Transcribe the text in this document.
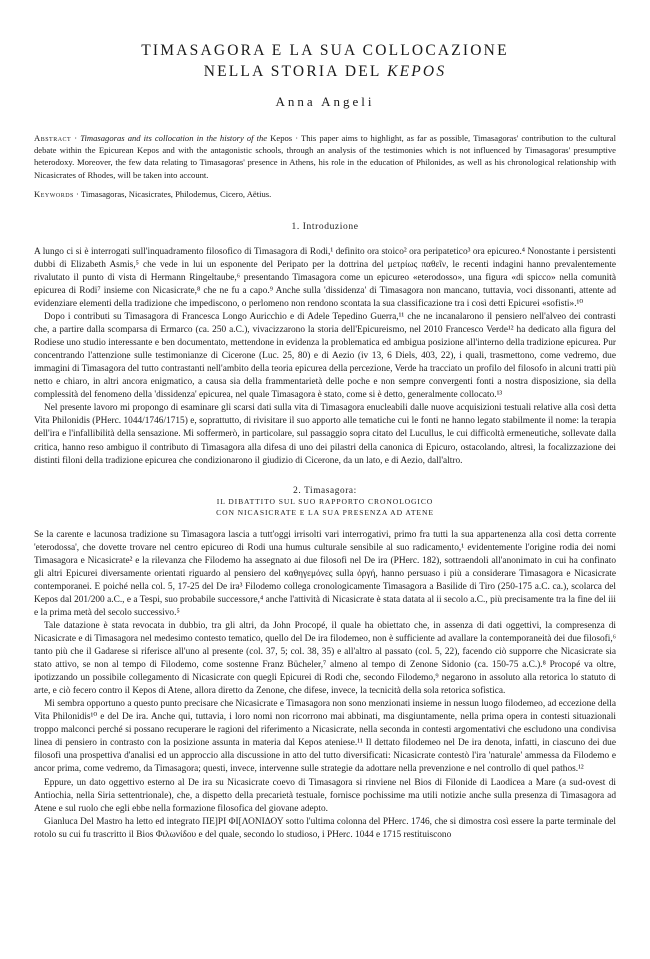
TIMASAGORA E LA SUA COLLOCAZIONE
NELLA STORIA DEL KEPOS
Anna Angeli
Abstract · Timasagoras and its collocation in the history of the Kepos · This paper aims to highlight, as far as possible, Timasagoras' contribution to the cultural debate within the Epicurean Kepos and with the antagonistic schools, through an analysis of the testimonies which is not influenced by Timasagoras' presumptive heterodoxy. Moreover, the few data relating to Timasagoras' presence in Athens, his role in the education of Philonides, as well as his chronological relationship with Nicasicrates of Rhodes, will be taken into account.
Keywords · Timasagoras, Nicasicrates, Philodemus, Cicero, Aëtius.
1. Introduzione

A lungo ci si è interrogati sull'inquadramento filosofico di Timasagora di Rodi,¹ definito ora stoico² ora peripatetico³ ora epicureo.⁴ Nonostante i persistenti dubbi di Elizabeth Asmis,⁵ che vede in lui un esponente del Peripato per la dottrina del μετρίως παθεῖν, le recenti indagini hanno prevalentemente rivalutato il punto di vista di Hermann Ringeltaube,⁶ presentando Timasagora come un epicureo «eterodosso», una figura «di spicco» nella comunità epicurea di Rodi⁷ insieme con Nicasicrate,⁸ che ne fu a capo.⁹ Anche sulla 'dissidenza' di Timasagora non mancano, tuttavia, voci dissonanti, attente ad evidenziare elementi della tradizione che impediscono, o perlomeno non rendono scontata la sua classificazione tra i così detti Epicurei «sofisti».¹⁰

Dopo i contributi su Timasagora di Francesca Longo Auricchio e di Adele Tepedino Guerra,¹¹ che ne incanalarono il pensiero nell'alveo dei contrasti che, a partire dalla scomparsa di Ermarco (ca. 250 a.C.), vivacizzarono la storia dell'Epicureismo, nel 2010 Francesco Verde¹² ha dedicato alla figura del Rodiese uno studio interessante e ben documentato, mettendone in evidenza la problematica ed ambigua posizione all'interno della tradizione epicurea. Pur concentrando l'attenzione sulle testimonianze di Cicerone (Luc. 25, 80) e di Aezio (iv 13, 6 Diels, 403, 22), i quali, trasmettono, come vedremo, due immagini di Timasagora del tutto contrastanti nell'ambito della teoria epicurea della percezione, Verde ha tracciato un profilo del filosofo in alcuni tratti più netto e chiaro, in altri ancora enigmatico, a causa sia della frammentarietà delle poche e non sempre convergenti fonti a nostra disposizione, sia della complessità del fenomeno della 'dissidenza' epicurea, nel quale Timasagora è stato, come si è detto, generalmente collocato.¹³

Nel presente lavoro mi propongo di esaminare gli scarsi dati sulla vita di Timasagora enucleabili dalle nuove acquisizioni testuali relative alla così detta Vita Philonidis (PHerc. 1044/1746/1715) e, soprattutto, di rivisitare il suo apporto alle tematiche cui le fonti ne hanno legato stabilmente il nome: la terapia dell'ira e l'infallibilità della sensazione. Mi soffermerò, in particolare, sul passaggio sopra citato del Lucullus, le cui difficoltà ermeneutiche, sollevate dalla critica, hanno reso ambiguo il contributo di Timasagora alla difesa di uno dei pilastri della canonica di Epicuro, ostacolando, altresì, la focalizzazione dei distinti filoni della tradizione epicurea che condizionarono il giudizio di Cicerone, da un lato, e di Aezio, dall'altro.

2. Timasagora:
IL DIBATTITO SUL SUO RAPPORTO CRONOLOGICO
CON NICASICRATE E LA SUA PRESENZA AD ATENE

Se la carente e lacunosa tradizione su Timasagora lascia a tutt'oggi irrisolti vari interrogativi, primo fra tutti la sua appartenenza alla così detta corrente 'eterodossa', che dovette trovare nel centro epicureo di Rodi una humus culturale sensibile al suo radicamento,¹ evidentemente l'origine rodia dei nomi Timasagora e Nicasicrate² e la rilevanza che Filodemo ha assegnato ai due filosofi nel De ira (PHerc. 182), sottraendoli all'anonimato in cui ha confinato gli altri Epicurei diversamente orientati riguardo al pensiero del καθηγεμόνες sulla ὀργή, hanno persuaso i più a considerare Timasagora e Nicasicrate contemporanei. E poiché nella col. 5, 17-25 del De ira³ Filodemo collega cronologicamente Timasagora a Basilide di Tiro (250-175 a.C. ca.), scolarca del Kepos dal 201/200 a.C., e a Tespi, suo probabile successore,⁴ anche l'attività di Nicasicrate è stata datata al ii secolo a.C., più precisamente tra la fine del iii e la prima metà del secolo successivo.⁵

Tale datazione è stata revocata in dubbio, tra gli altri, da John Procopé, il quale ha obiettato che, in assenza di dati oggettivi, la compresenza di Nicasicrate e di Timasagora nel medesimo contesto tematico, quello del De ira filodemeo, non è sufficiente ad avallare la contemporaneità dei due filosofi,⁶ tanto più che il Gadarese si riferisce all'uno al presente (col. 37, 5; col. 38, 35) e all'altro al passato (col. 5, 22), facendo ciò supporre che Nicasicrate sia stato attivo, se non al tempo di Filodemo, come sostenne Franz Bücheler,⁷ almeno al tempo di Zenone Sidonio (ca. 150-75 a.C.).⁸ Procopé va oltre, ipotizzando un possibile collegamento di Nicasicrate con quegli Epicurei di Rodi che, secondo Filodemo,⁹ negarono in assoluto alla retorica lo statuto di arte, e ciò fecero contro il Kepos di Atene, allora diretto da Zenone, che difese, invece, la tecnicità della sola retorica sofistica.

Mi sembra opportuno a questo punto precisare che Nicasicrate e Timasagora non sono menzionati insieme in nessun luogo filodemeo, ad eccezione della Vita Philonidis¹⁰ e del De ira. Anche qui, tuttavia, i loro nomi non ricorrono mai abbinati, ma disgiuntamente, nella prima opera in contesti situazionali troppo malconci perché si possano recuperare le ragioni del riferimento a Nicasicrate, nella seconda in contesti argomentativi che escludono una condivisa linea di pensiero in contrasto con la posizione assunta in materia dal Kepos ateniese.¹¹ Il dettato filodemeo nel De ira denota, infatti, in ciascuno dei due filosofi una prospettiva d'analisi ed un approccio alla discussione in atto del tutto diversificati: Nicasicrate contestò l'ira 'naturale' ammessa da Filodemo e ancor prima, come vedremo, da Timasagora; questi, invece, intervenne sulle strategie da adottare nella prevenzione e nel controllo di quel pathos.¹²

Eppure, un dato oggettivo esterno al De ira su Nicasicrate coevo di Timasagora si rinviene nel Bios di Filonide di Laodicea a Mare (a sud-ovest di Antiochia, nella Siria settentrionale), che, a dispetto della precarietà testuale, fornisce pochissime ma utili notizie anche sulla presenza di Timasagora ad Atene e sul ruolo che egli ebbe nella formazione filosofica del giovane adepto.

Gianluca Del Mastro ha letto ed integrato ΠΕ]ΡΙ ΦΙ[ΛΟΝΙΔΟΥ sotto l'ultima colonna del PHerc. 1746, che si dimostra così essere la parte terminale del rotolo su cui fu trascritto il Bios Φιλωνίδου e del quale, secondo lo studioso, i PHerc. 1044 e 1715 restituiscono
